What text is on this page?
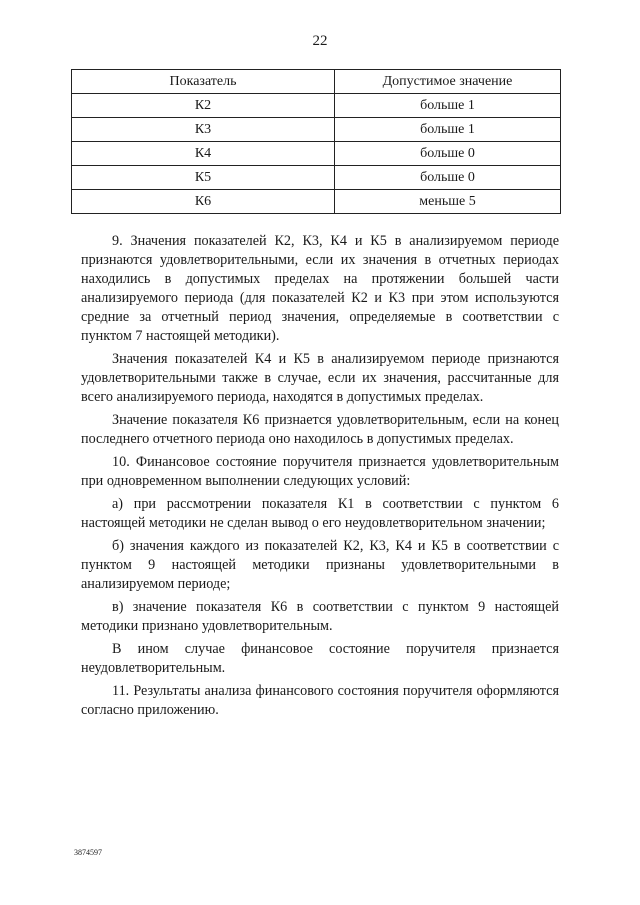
22
Показатель	Допустимое значение
К2	больше 1
К3	больше 1
К4	больше 0
К5	больше 0
К6	меньше 5

9. Значения показателей К2, К3, К4 и К5 в анализируемом периоде признаются удовлетворительными, если их значения в отчетных периодах находились в допустимых пределах на протяжении большей части анализируемого периода (для показателей К2 и К3 при этом используются средние за отчетный период значения, определяемые в соответствии с пунктом 7 настоящей методики).

Значения показателей К4 и К5 в анализируемом периоде признаются удовлетворительными также в случае, если их значения, рассчитанные для всего анализируемого периода, находятся в допустимых пределах.

Значение показателя К6 признается удовлетворительным, если на конец последнего отчетного периода оно находилось в допустимых пределах.

10. Финансовое состояние поручителя признается удовлетворительным при одновременном выполнении следующих условий:

а) при рассмотрении показателя К1 в соответствии с пунктом 6 настоящей методики не сделан вывод о его неудовлетворительном значении;

б) значения каждого из показателей К2, К3, К4 и К5 в соответствии с пунктом 9 настоящей методики признаны удовлетворительными в анализируемом периоде;

в) значение показателя К6 в соответствии с пунктом 9 настоящей методики признано удовлетворительным.

В ином случае финансовое состояние поручителя признается неудовлетворительным.

11. Результаты анализа финансового состояния поручителя оформляются согласно приложению.

3874597
